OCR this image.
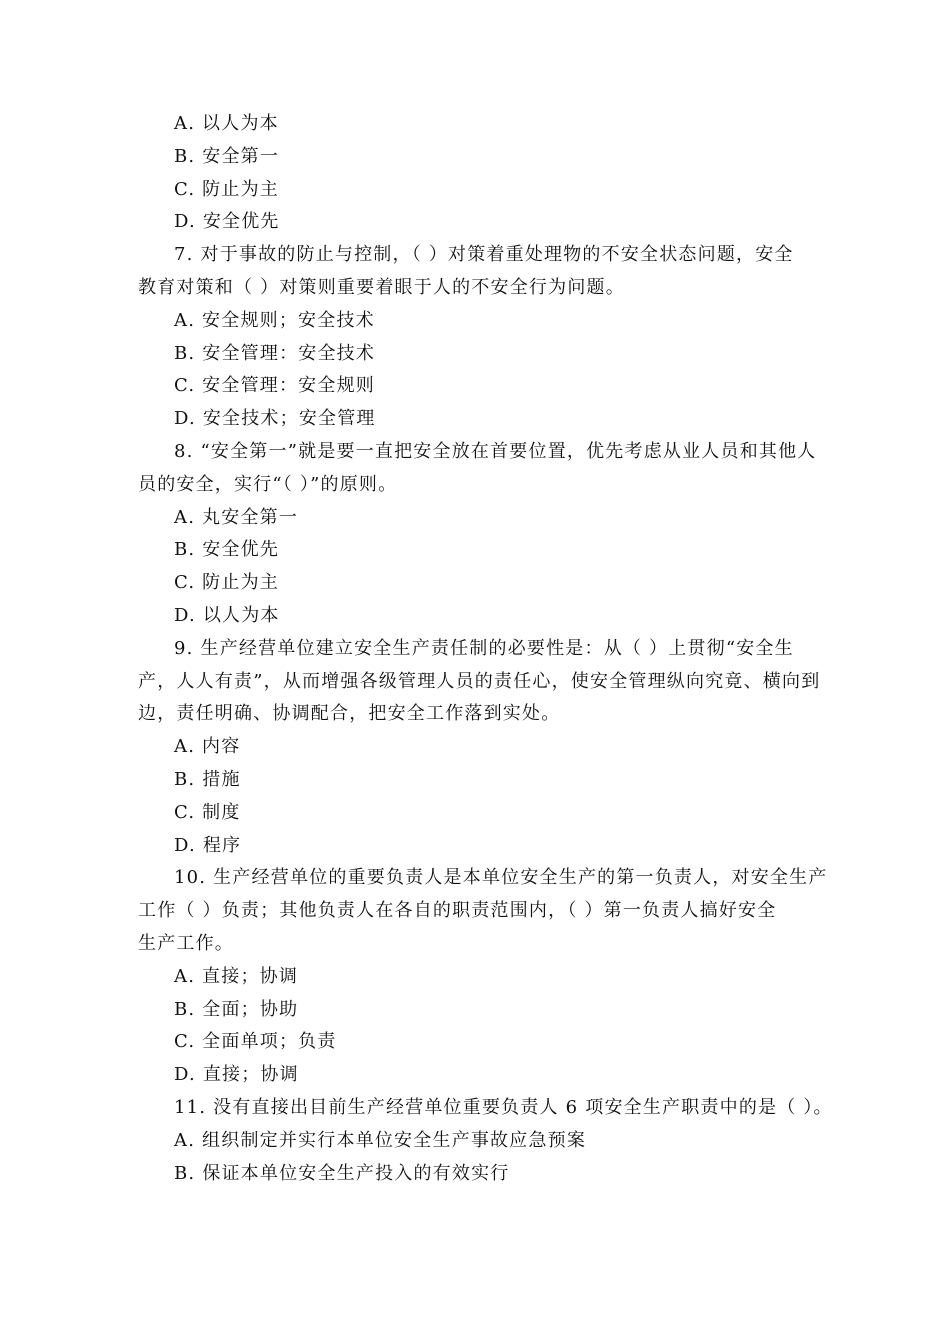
A. 以人为本
B. 安全第一
C. 防止为主
D. 安全优先
7. 对于事故的防止与控制，（ ）对策着重处理物的不安全状态问题，安全
教育对策和（ ）对策则重要着眼于人的不安全行为问题。
A. 安全规则；安全技术
B. 安全管理：安全技术
C. 安全管理：安全规则
D. 安全技术；安全管理
8. “安全第一”就是要一直把安全放在首要位置，优先考虑从业人员和其他人
员的安全，实行“（ ）”的原则。
A. 丸安全第一
B. 安全优先
C. 防止为主
D. 以人为本
9. 生产经营单位建立安全生产责任制的必要性是：从（ ）上贯彻“安全生
产，人人有责”，从而增强各级管理人员的责任心，使安全管理纵向究竟、横向到
边，责任明确、协调配合，把安全工作落到实处。
A. 内容
B. 措施
C. 制度
D. 程序
10. 生产经营单位的重要负责人是本单位安全生产的第一负责人，对安全生产
工作（ ）负责；其他负责人在各自的职责范围内，（ ）第一负责人搞好安全
生产工作。
A. 直接；协调
B. 全面；协助
C. 全面单项；负责
D. 直接；协调
11. 没有直接出目前生产经营单位重要负责人 6 项安全生产职责中的是（ ）。
A. 组织制定并实行本单位安全生产事故应急预案
B. 保证本单位安全生产投入的有效实行
